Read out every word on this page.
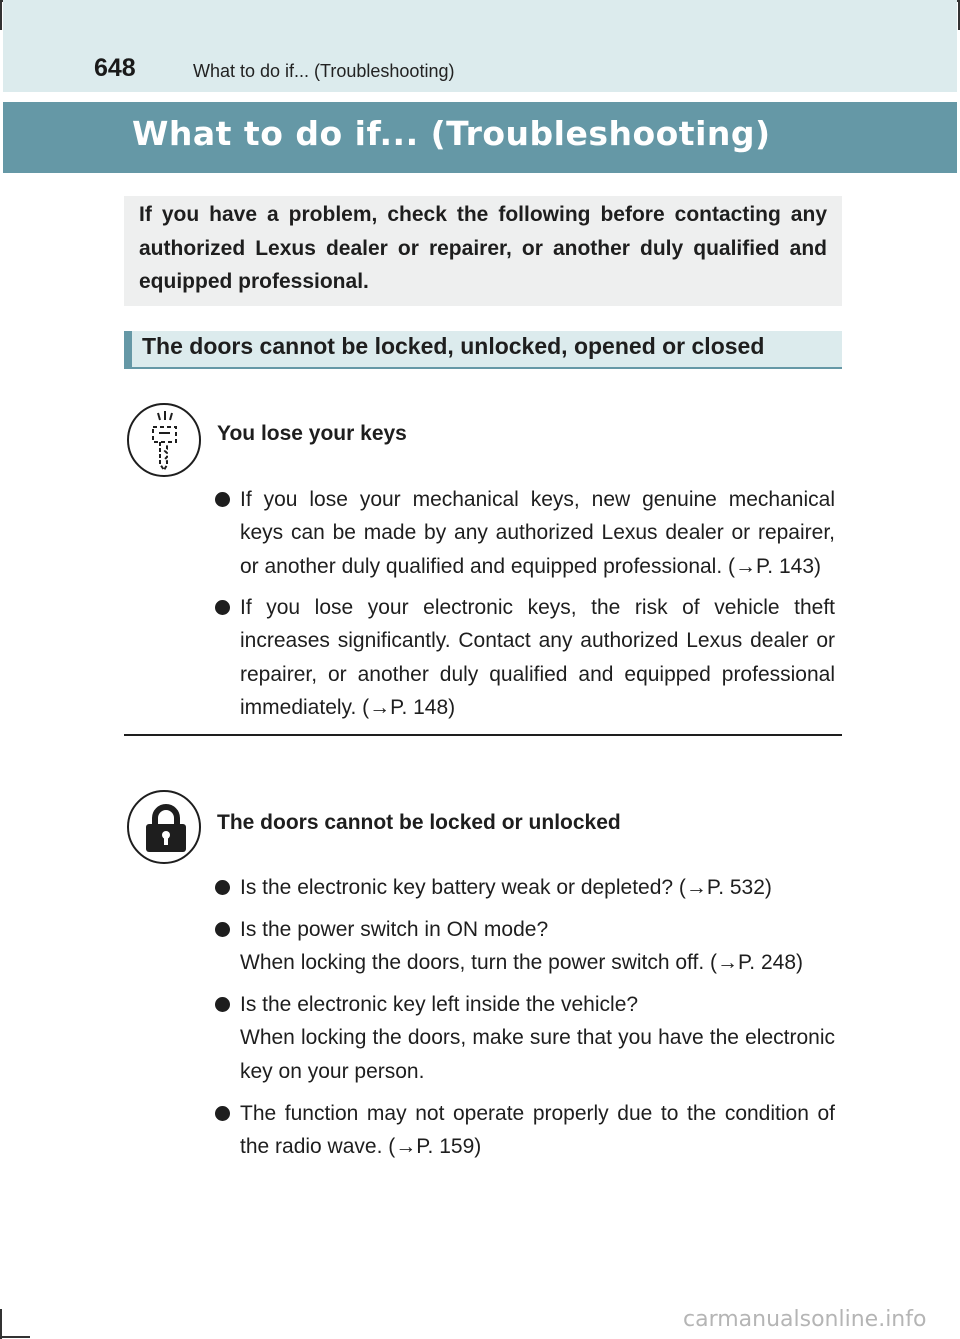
648	What to do if... (Troubleshooting)
What to do if... (Troubleshooting)
If you have a problem, check the following before contacting any authorized Lexus dealer or repairer, or another duly qualified and equipped professional.
The doors cannot be locked, unlocked, opened or closed
You lose your keys
If you lose your mechanical keys, new genuine mechanical keys can be made by any authorized Lexus dealer or repairer, or another duly qualified and equipped professional. (→P. 143)
If you lose your electronic keys, the risk of vehicle theft increases significantly. Contact any authorized Lexus dealer or repairer, or another duly qualified and equipped professional immediately. (→P. 148)
The doors cannot be locked or unlocked
Is the electronic key battery weak or depleted? (→P. 532)
Is the power switch in ON mode?
When locking the doors, turn the power switch off. (→P. 248)
Is the electronic key left inside the vehicle?
When locking the doors, make sure that you have the electronic key on your person.
The function may not operate properly due to the condition of the radio wave. (→P. 159)
carmanualsonline.info
